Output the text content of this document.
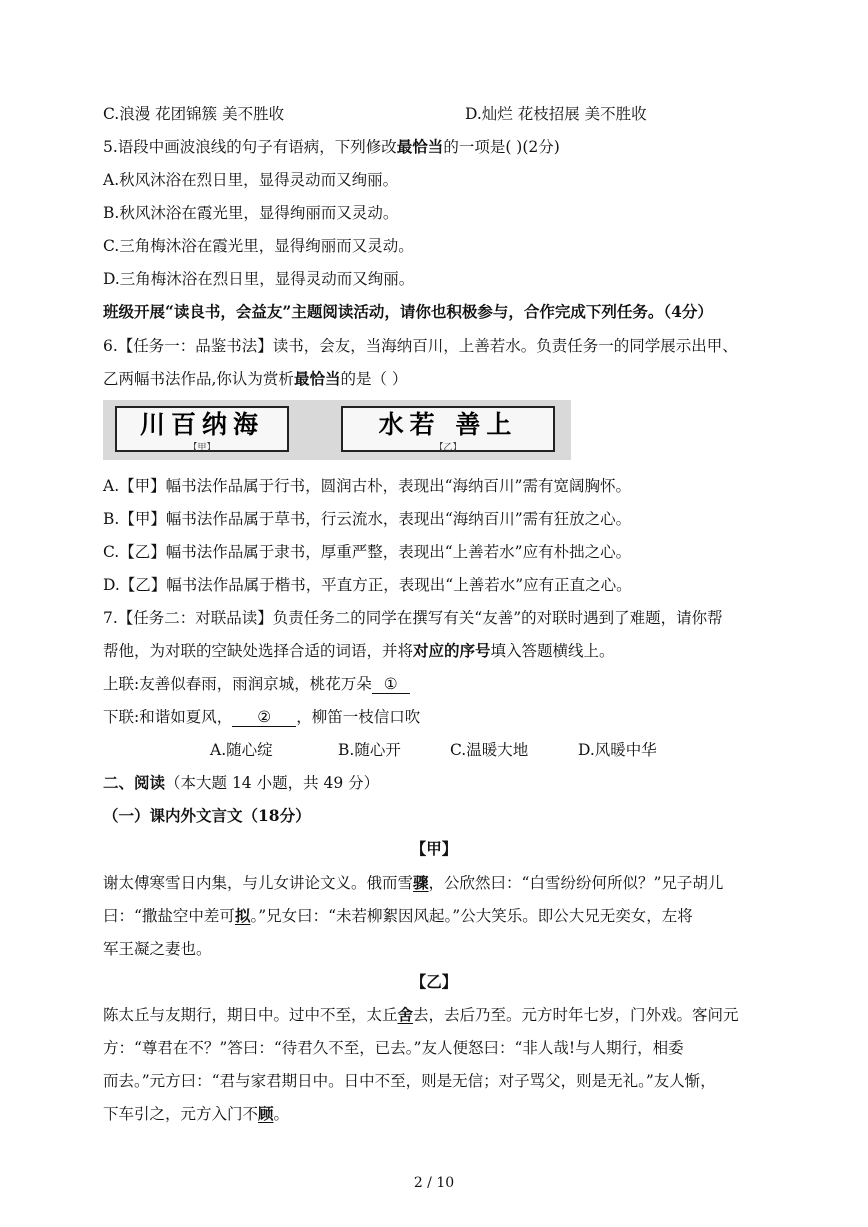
C.浪漫 花团锦簇 美不胜收	D.灿烂 花枝招展 美不胜收
5.语段中画波浪线的句子有语病，下列修改最恰当的一项是( )(2分)
A.秋风沐浴在烈日里，显得灵动而又绚丽。
B.秋风沐浴在霞光里，显得绚丽而又灵动。
C.三角梅沐浴在霞光里，显得绚丽而又灵动。
D.三角梅沐浴在烈日里，显得灵动而又绚丽。
班级开展“读良书，会益友”主题阅读活动，请你也积极参与，合作完成下列任务。（4分）
6.【任务一：品鉴书法】读书，会友，当海纳百川，上善若水。负责任务一的同学展示出甲、
乙两幅书法作品,你认为赏析最恰当的是（ ）
川百纳海
【甲】
水若 善上
【乙】
A.【甲】幅书法作品属于行书，圆润古朴，表现出“海纳百川”需有宽阔胸怀。
B.【甲】幅书法作品属于草书，行云流水，表现出“海纳百川”需有狂放之心。
C.【乙】幅书法作品属于隶书，厚重严整，表现出“上善若水”应有朴拙之心。
D.【乙】幅书法作品属于楷书，平直方正，表现出“上善若水”应有正直之心。
7.【任务二：对联品读】负责任务二的同学在撰写有关“友善”的对联时遇到了难题，请你帮
帮他，为对联的空缺处选择合适的词语，并将对应的序号填入答题横线上。
上联:友善似春雨，雨润京城，桃花万朵 ①
下联:和谐如夏风， ② ，柳笛一枝信口吹
A.随心绽	B.随心开	C.温暖大地	D.风暖中华
二、阅读（本大题 14 小题，共 49 分）
（一）课内外文言文（18分）
【甲】
谢太傅寒雪日内集，与儿女讲论文义。俄而雪骤，公欣然曰：“白雪纷纷何所似？”兄子胡儿
曰：“撒盐空中差可拟。”兄女曰：“未若柳絮因风起。”公大笑乐。即公大兄无奕女，左将
军王凝之妻也。
【乙】
陈太丘与友期行，期日中。过中不至，太丘舍去，去后乃至。元方时年七岁，门外戏。客问元
方：“尊君在不？”答曰：“待君久不至，已去。”友人便怒曰：“非人哉!与人期行，相委
而去。”元方曰：“君与家君期日中。日中不至，则是无信；对子骂父，则是无礼。”友人惭，
下车引之，元方入门不顾。
2 / 10
